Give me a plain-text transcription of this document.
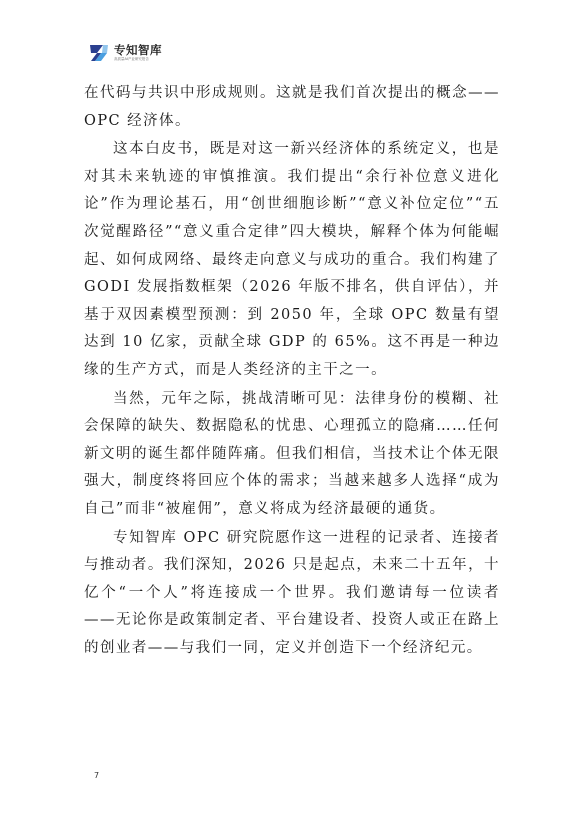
专知智库
高质量AI产业研究报告

在代码与共识中形成规则。这就是我们首次提出的概念——OPC 经济体。

这本白皮书，既是对这一新兴经济体的系统定义，也是对其未来轨迹的审慎推演。我们提出“余行补位意义进化论”作为理论基石，用“创世细胞诊断”“意义补位定位”“五次觉醒路径”“意义重合定律”四大模块，解释个体为何能崛起、如何成网络、最终走向意义与成功的重合。我们构建了 GODI 发展指数框架（2026 年版不排名，供自评估），并基于双因素模型预测：到 2050 年，全球 OPC 数量有望达到 10 亿家，贡献全球 GDP 的 65%。这不再是一种边缘的生产方式，而是人类经济的主干之一。

当然，元年之际，挑战清晰可见：法律身份的模糊、社会保障的缺失、数据隐私的忧患、心理孤立的隐痛……任何新文明的诞生都伴随阵痛。但我们相信，当技术让个体无限强大，制度终将回应个体的需求；当越来越多人选择“成为自己”而非“被雇佣”，意义将成为经济最硬的通货。

专知智库 OPC 研究院愿作这一进程的记录者、连接者与推动者。我们深知，2026 只是起点，未来二十五年，十亿个“一个人”将连接成一个世界。我们邀请每一位读者——无论你是政策制定者、平台建设者、投资人或正在路上的创业者——与我们一同，定义并创造下一个经济纪元。

7
